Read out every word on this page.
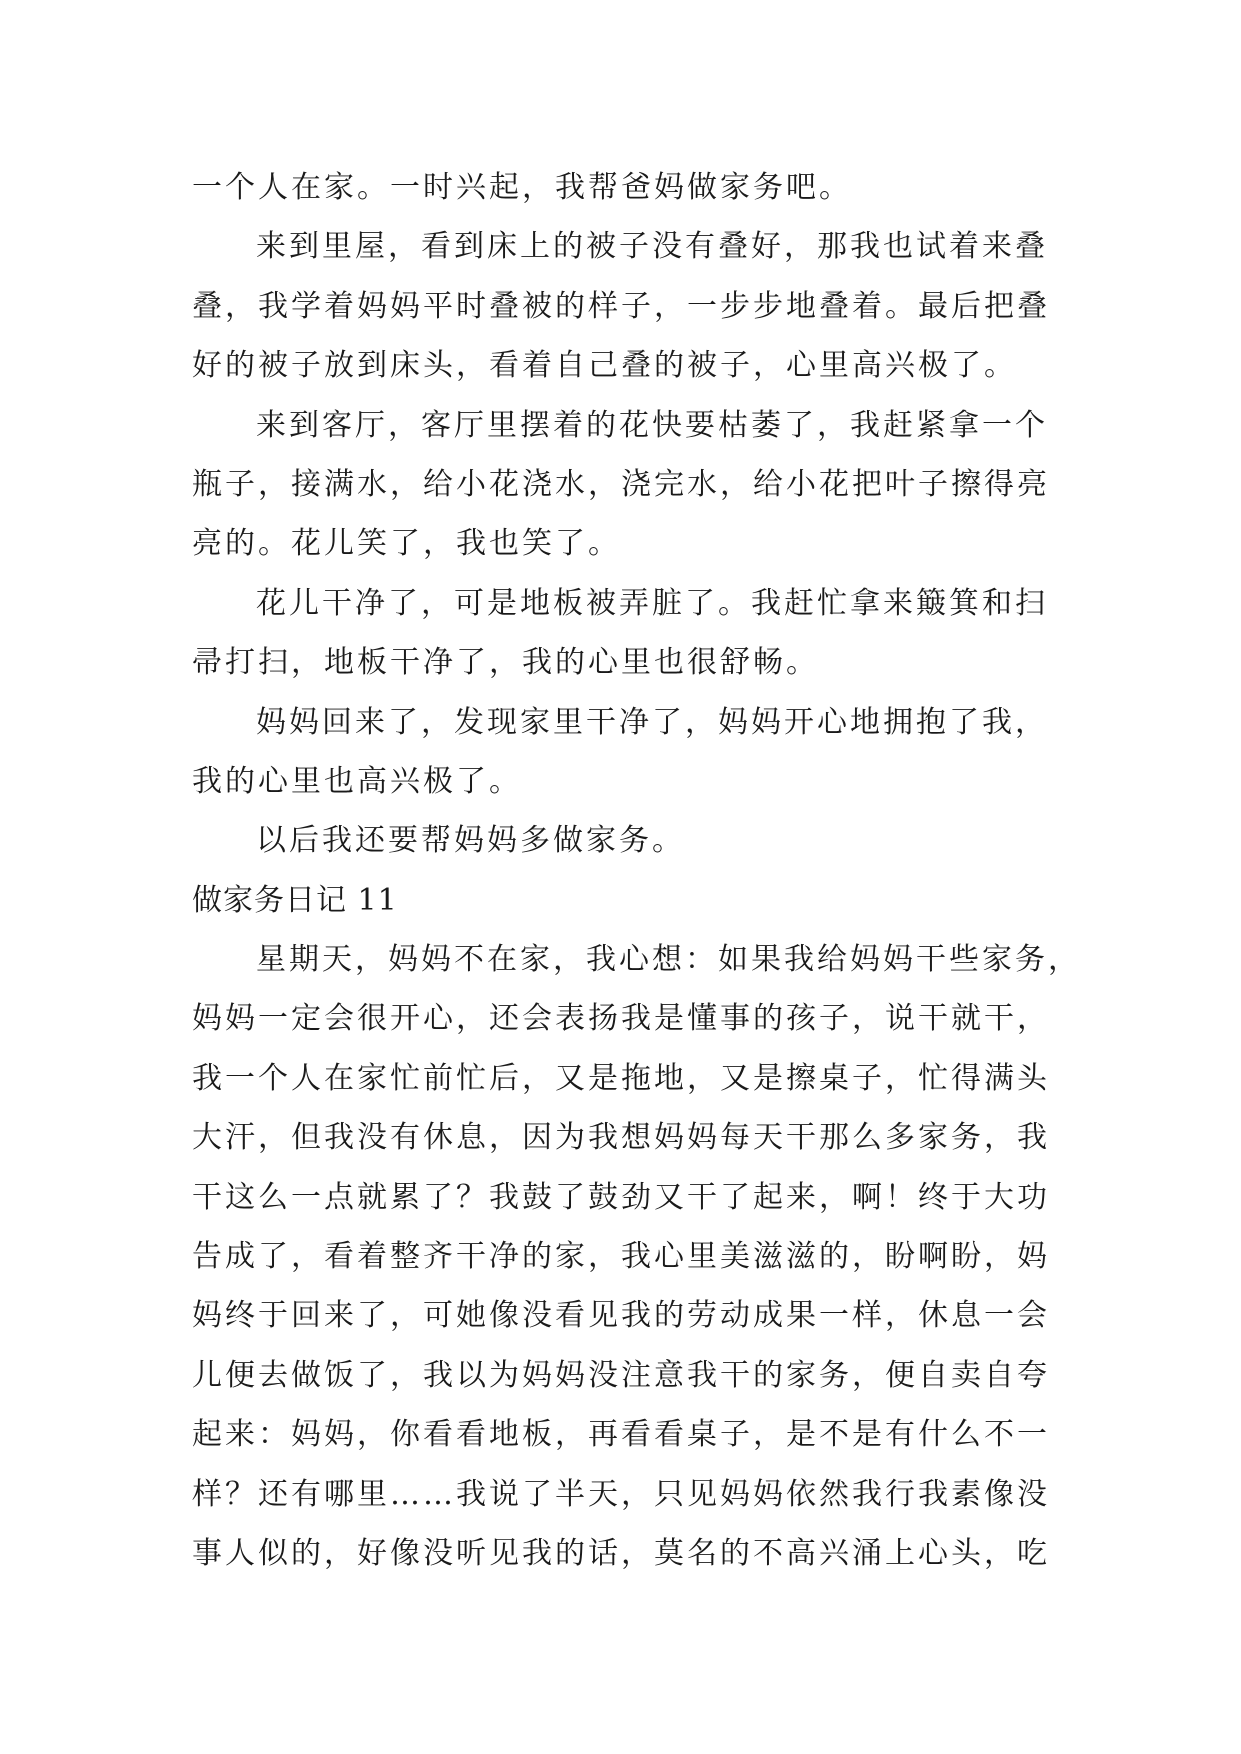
一个人在家。一时兴起，我帮爸妈做家务吧。
来到里屋，看到床上的被子没有叠好，那我也试着来叠
叠，我学着妈妈平时叠被的样子，一步步地叠着。最后把叠
好的被子放到床头，看着自己叠的被子，心里高兴极了。
来到客厅，客厅里摆着的花快要枯萎了，我赶紧拿一个
瓶子，接满水，给小花浇水，浇完水，给小花把叶子擦得亮
亮的。花儿笑了，我也笑了。
花儿干净了，可是地板被弄脏了。我赶忙拿来簸箕和扫
帚打扫，地板干净了，我的心里也很舒畅。
妈妈回来了，发现家里干净了，妈妈开心地拥抱了我，
我的心里也高兴极了。
以后我还要帮妈妈多做家务。
做家务日记 11
星期天，妈妈不在家，我心想：如果我给妈妈干些家务，
妈妈一定会很开心，还会表扬我是懂事的孩子，说干就干，
我一个人在家忙前忙后，又是拖地，又是擦桌子，忙得满头
大汗，但我没有休息，因为我想妈妈每天干那么多家务，我
干这么一点就累了？我鼓了鼓劲又干了起来，啊！终于大功
告成了，看着整齐干净的家，我心里美滋滋的，盼啊盼，妈
妈终于回来了，可她像没看见我的劳动成果一样，休息一会
儿便去做饭了，我以为妈妈没注意我干的家务，便自卖自夸
起来：妈妈，你看看地板，再看看桌子，是不是有什么不一
样？还有哪里……我说了半天，只见妈妈依然我行我素像没
事人似的，好像没听见我的话，莫名的不高兴涌上心头，吃
